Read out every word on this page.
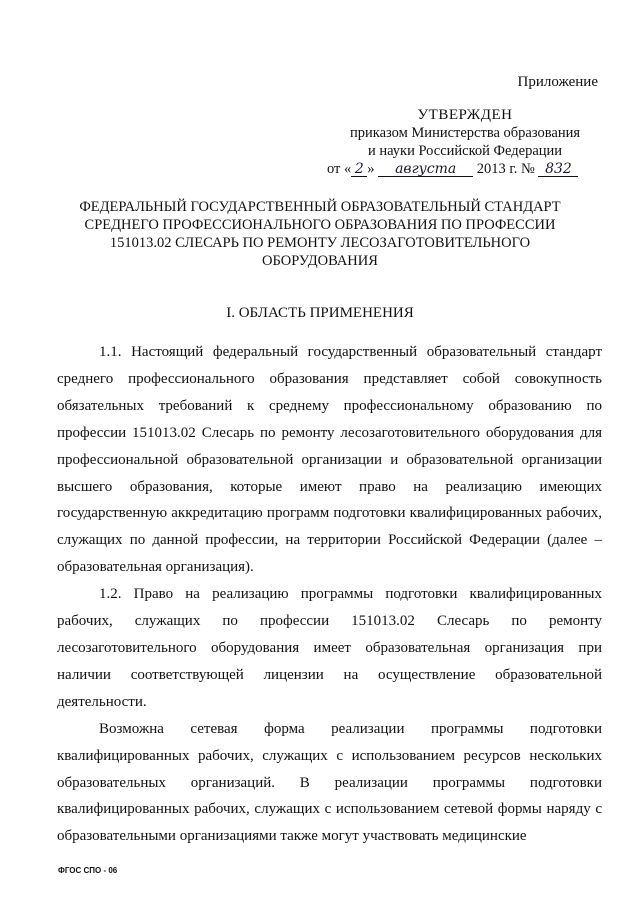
Приложение
УТВЕРЖДЕН
приказом Министерства образования
и науки Российской Федерации
от « 2 » августа 2013 г. № 832
ФЕДЕРАЛЬНЫЙ ГОСУДАРСТВЕННЫЙ ОБРАЗОВАТЕЛЬНЫЙ СТАНДАРТ
СРЕДНЕГО ПРОФЕССИОНАЛЬНОГО ОБРАЗОВАНИЯ ПО ПРОФЕССИИ
151013.02 СЛЕСАРЬ ПО РЕМОНТУ ЛЕСОЗАГОТОВИТЕЛЬНОГО
ОБОРУДОВАНИЯ
I. ОБЛАСТЬ ПРИМЕНЕНИЯ

1.1. Настоящий федеральный государственный образовательный стандарт среднего профессионального образования представляет собой совокупность обязательных требований к среднему профессиональному образованию по профессии 151013.02 Слесарь по ремонту лесозаготовительного оборудования для профессиональной образовательной организации и образовательной организации высшего образования, которые имеют право на реализацию имеющих государственную аккредитацию программ подготовки квалифицированных рабочих, служащих по данной профессии, на территории Российской Федерации (далее – образовательная организация).

1.2. Право на реализацию программы подготовки квалифицированных рабочих, служащих по профессии 151013.02 Слесарь по ремонту лесозаготовительного оборудования имеет образовательная организация при наличии соответствующей лицензии на осуществление образовательной деятельности.

Возможна сетевая форма реализации программы подготовки квалифицированных рабочих, служащих с использованием ресурсов нескольких образовательных организаций. В реализации программы подготовки квалифицированных рабочих, служащих с использованием сетевой формы наряду с образовательными организациями также могут участвовать медицинские

ФГОС СПО - 06
